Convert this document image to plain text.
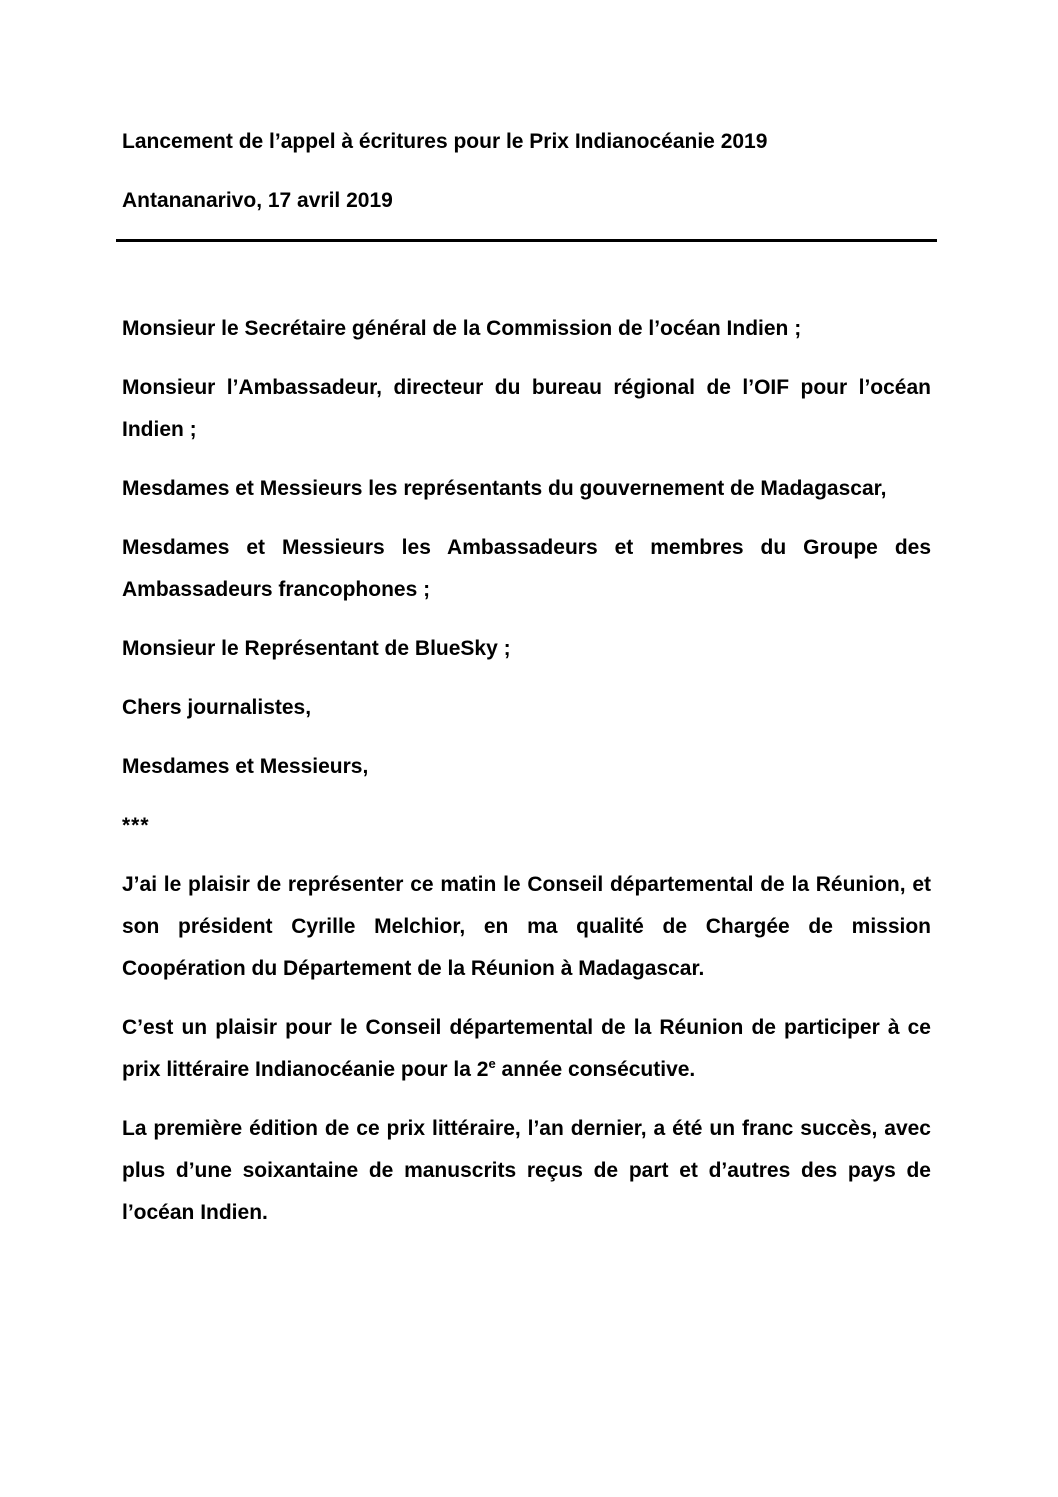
Lancement de l’appel à écritures pour le Prix Indianocéanie 2019

Antananarivo, 17 avril 2019

Monsieur le Secrétaire général de la Commission de l’océan Indien ;

Monsieur l’Ambassadeur, directeur du bureau régional de l’OIF pour l’océan Indien ;

Mesdames et Messieurs les représentants du gouvernement de Madagascar,

Mesdames et Messieurs les Ambassadeurs et membres du Groupe des Ambassadeurs francophones ;

Monsieur le Représentant de BlueSky ;

Chers journalistes,

Mesdames et Messieurs,

***

J’ai le plaisir de représenter ce matin le Conseil départemental de la Réunion, et son président Cyrille Melchior, en ma qualité de Chargée de mission Coopération du Département de la Réunion à Madagascar.

C’est un plaisir pour le Conseil départemental de la Réunion de participer à ce prix littéraire Indianocéanie pour la 2e année consécutive.

La première édition de ce prix littéraire, l’an dernier, a été un franc succès, avec plus d’une soixantaine de manuscrits reçus de part et d’autres des pays de l’océan Indien.
